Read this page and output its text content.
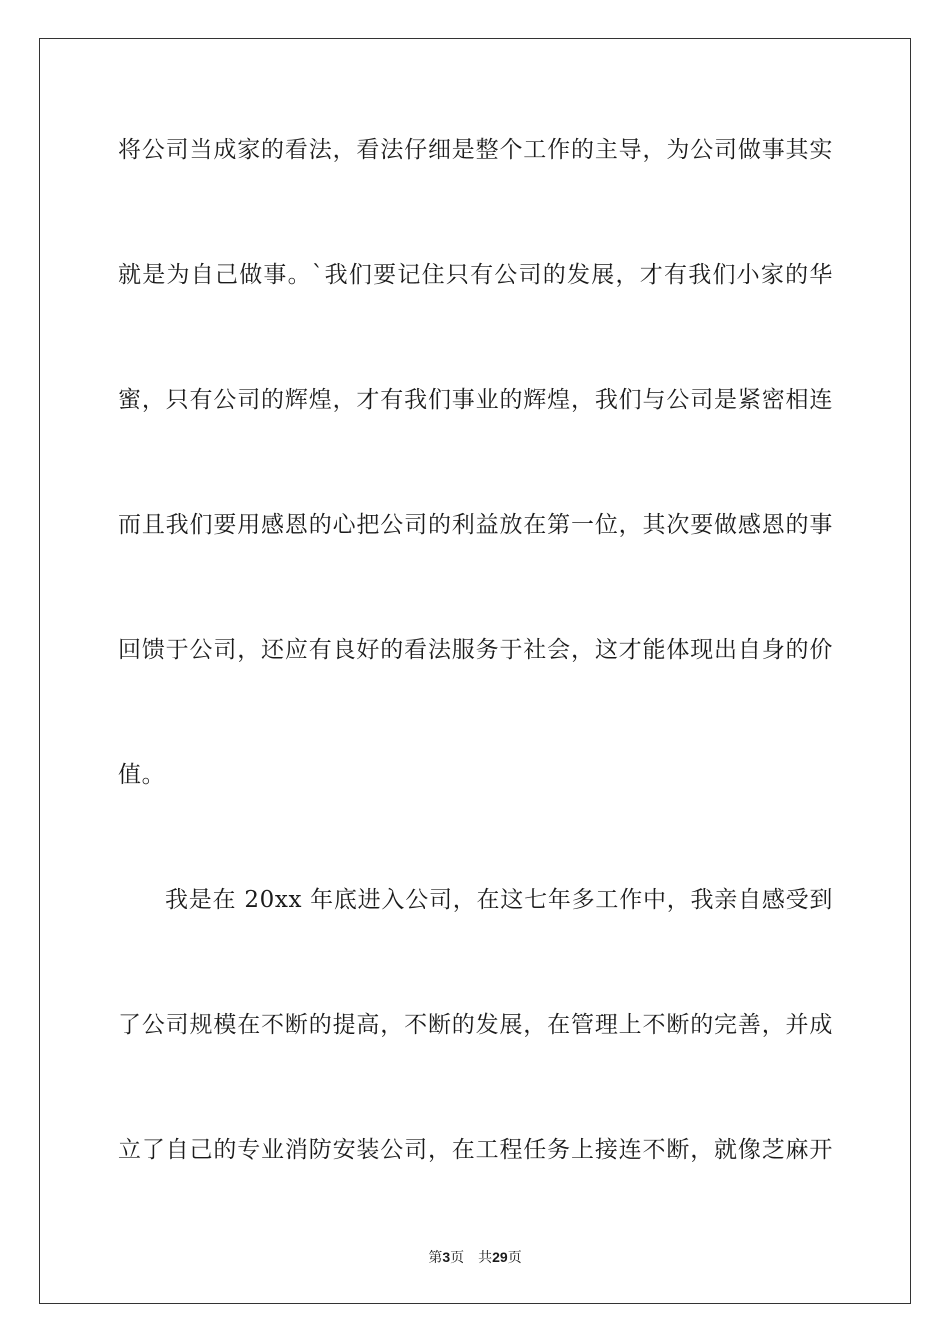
将公司当成家的看法，看法仔细是整个工作的主导，为公司做事其实
就是为自己做事。`我们要记住只有公司的发展，才有我们小家的华
蜜，只有公司的辉煌，才有我们事业的辉煌，我们与公司是紧密相连
而且我们要用感恩的心把公司的利益放在第一位，其次要做感恩的事
回馈于公司，还应有良好的看法服务于社会，这才能体现出自身的价
值。
我是在 20xx 年底进入公司，在这七年多工作中，我亲自感受到
了公司规模在不断的提高，不断的发展，在管理上不断的完善，并成
立了自己的专业消防安装公司，在工程任务上接连不断，就像芝麻开
第3页 共29页
